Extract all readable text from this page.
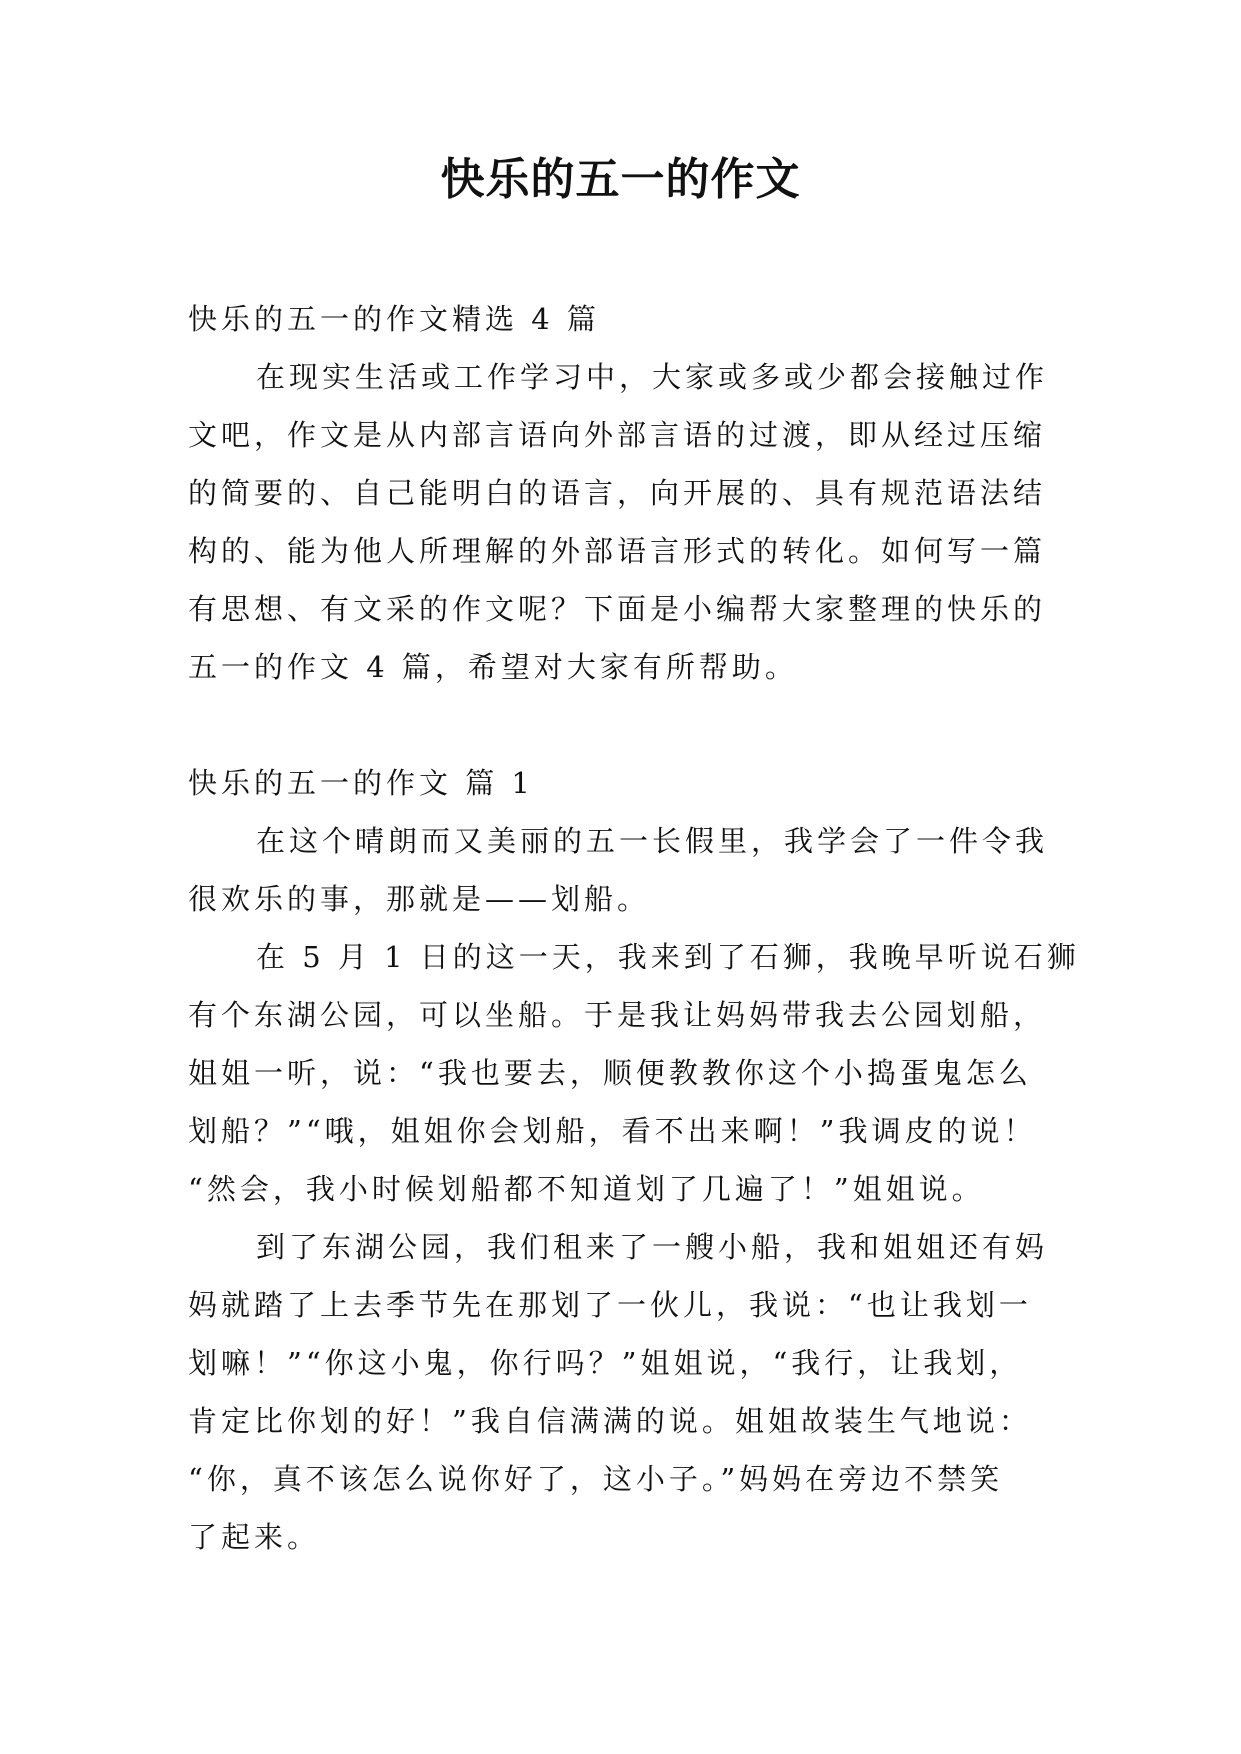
快乐的五一的作文

快乐的五一的作文精选 4 篇

在现实生活或工作学习中，大家或多或少都会接触过作

文吧，作文是从内部言语向外部言语的过渡，即从经过压缩

的简要的、自己能明白的语言，向开展的、具有规范语法结

构的、能为他人所理解的外部语言形式的转化。如何写一篇

有思想、有文采的作文呢？下面是小编帮大家整理的快乐的

五一的作文 4 篇，希望对大家有所帮助。

快乐的五一的作文 篇 1

在这个晴朗而又美丽的五一长假里，我学会了一件令我

很欢乐的事，那就是——划船。

在 5 月 1 日的这一天，我来到了石狮，我晚早听说石狮

有个东湖公园，可以坐船。于是我让妈妈带我去公园划船，

姐姐一听，说：“我也要去，顺便教教你这个小捣蛋鬼怎么

划船？”“哦，姐姐你会划船，看不出来啊！”我调皮的说！

“然会，我小时候划船都不知道划了几遍了！”姐姐说。

到了东湖公园，我们租来了一艘小船，我和姐姐还有妈

妈就踏了上去季节先在那划了一伙儿，我说：“也让我划一

划嘛！”“你这小鬼，你行吗？”姐姐说，“我行，让我划，

肯定比你划的好！”我自信满满的说。姐姐故装生气地说：

“你，真不该怎么说你好了，这小子。”妈妈在旁边不禁笑

了起来。
